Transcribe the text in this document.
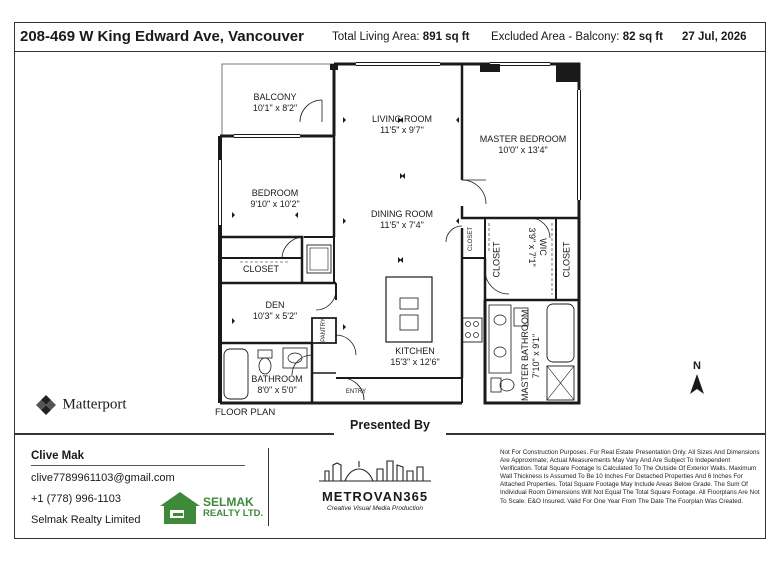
208-469 W King Edward Ave, Vancouver Total Living Area: 891 sq ft Excluded Area - Balcony: 82 sq ft 27 Jul, 2026
BALCONY
10'1" x 8'2"
LIVING ROOM
11'5" x 9'7"
MASTER BEDROOM
10'0" x 13'4"
BEDROOM
9'10" x 10'2"
DINING ROOM
11'5" x 7'4"
CLOSET
CLOSET
CLOSET	CLOSET
WIC
3'9" x 7'1"
DEN
10'3" x 5'2"
PANTRY
KITCHEN
15'3" x 12'6"	MASTER BATHROOM 7'10" x 9'1"
BATHROOM
8'0" x 5'0"	ENTRY
FLOOR PLAN
Matterport
N
Presented By
Clive Mak
clive7789961103@gmail.com
+1 (778) 996-1103
Selmak Realty Limited
SELMAK
REALTY LTD.
METROVAN365
Creative Visual Media Production
Not For Construction Purposes. For Real Estate Presentation Only. All Sizes And Dimensions Are Approximate; Actual Measurements May Vary And Are Subject To Independent Verification. Total Square Footage Is Calculated To The Outside Of Exterior Walls. Maximum Wall Thickness Is Assumed To Be 10 Inches For Detached Properties And 6 Inches For Attached Properties. Total Square Footage May Include Areas Below Grade. The Sum Of Individual Room Dimensions Will Not Equal The Total Square Footage. All Floorplans Are Not To Scale. E&O Insured. Valid For One Year From The Date The Foorplan Was Created.
